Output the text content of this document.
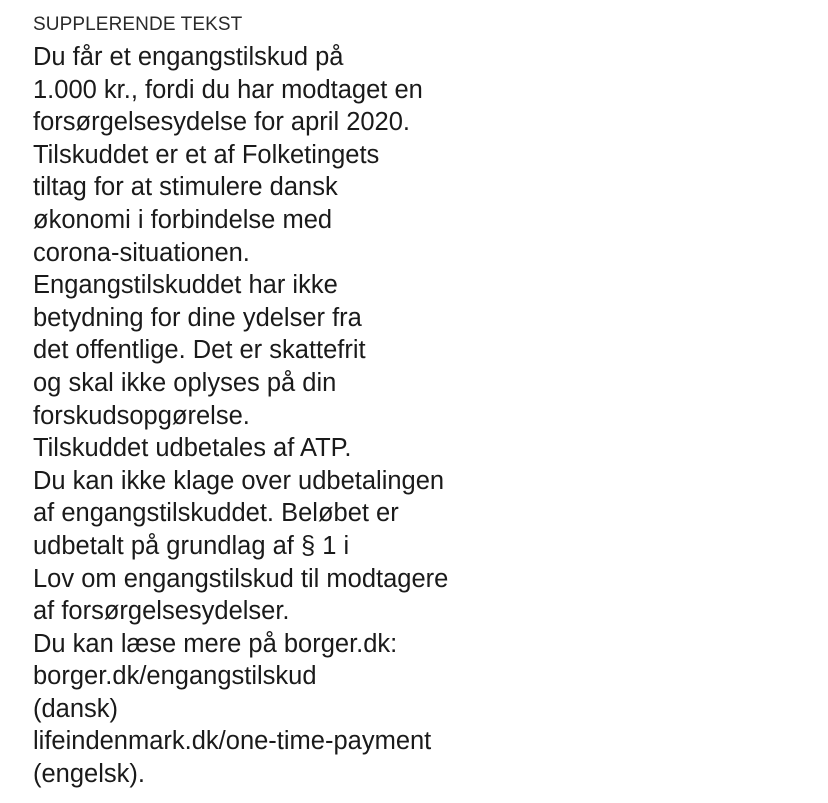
SUPPLERENDE TEKST
Du får et engangstilskud på
1.000 kr., fordi du har modtaget en
forsørgelsesydelse for april 2020.
Tilskuddet er et af Folketingets
tiltag for at stimulere dansk
økonomi i forbindelse med
corona-situationen.
Engangstilskuddet har ikke
betydning for dine ydelser fra
det offentlige. Det er skattefrit
og skal ikke oplyses på din
forskudsopgørelse.
Tilskuddet udbetales af ATP.
Du kan ikke klage over udbetalingen
af engangstilskuddet. Beløbet er
udbetalt på grundlag af § 1 i
Lov om engangstilskud til modtagere
af forsørgelsesydelser.
Du kan læse mere på borger.dk:
borger.dk/engangstilskud
(dansk)
lifeindenmark.dk/one-time-payment
(engelsk).
